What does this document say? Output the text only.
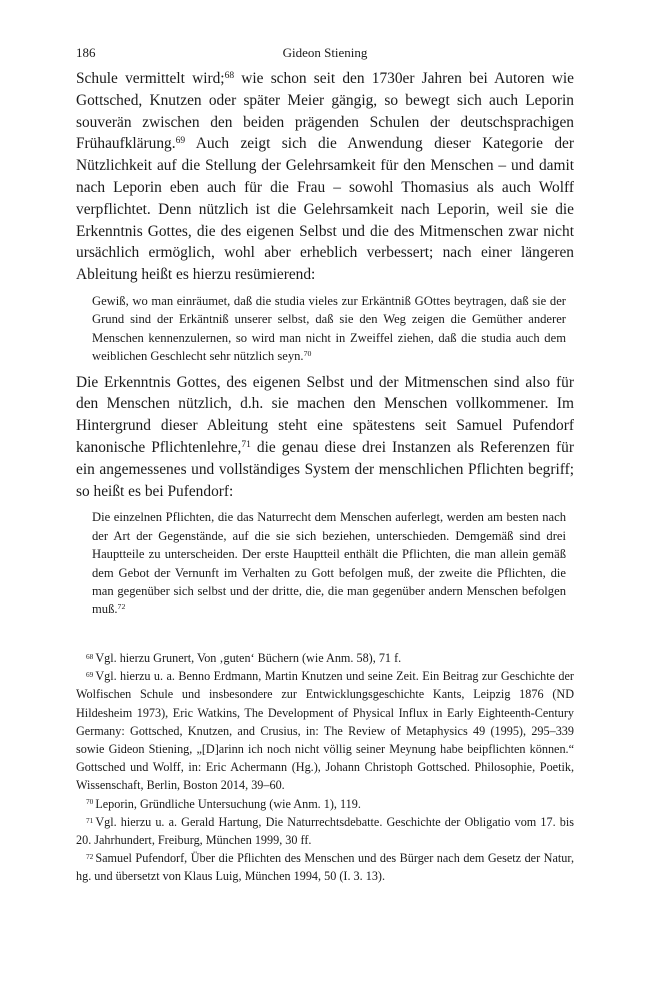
186	Gideon Stiening

Schule vermittelt wird;$^{68}$ wie schon seit den 1730er Jahren bei Autoren wie Gottsched, Knutzen oder später Meier gängig, so bewegt sich auch Leporin souverän zwischen den beiden prägenden Schulen der deutschsprachigen Frühaufklärung.$^{69}$ Auch zeigt sich die Anwendung dieser Kategorie der Nützlichkeit auf die Stellung der Gelehrsamkeit für den Menschen – und damit nach Leporin eben auch für die Frau – sowohl Thomasius als auch Wolff verpflichtet. Denn nützlich ist die Gelehrsamkeit nach Leporin, weil sie die Erkenntnis Gottes, die des eigenen Selbst und die des Mitmenschen zwar nicht ursächlich ermöglich, wohl aber erheblich verbessert; nach einer längeren Ableitung heißt es hierzu resümierend:

Gewiß, wo man einräumet, daß die studia vieles zur Erkäntniß GOttes beytragen, daß sie der Grund sind der Erkäntniß unserer selbst, daß sie den Weg zeigen die Gemüther anderer Menschen kennenzulernen, so wird man nicht in Zweiffel ziehen, daß die studia auch dem weiblichen Geschlecht sehr nützlich seyn.$^{70}$

Die Erkenntnis Gottes, des eigenen Selbst und der Mitmenschen sind also für den Menschen nützlich, d.h. sie machen den Menschen vollkommener. Im Hintergrund dieser Ableitung steht eine spätestens seit Samuel Pufendorf kanonische Pflichtenlehre,$^{71}$ die genau diese drei Instanzen als Referenzen für ein angemessenes und vollständiges System der menschlichen Pflichten begriff; so heißt es bei Pufendorf:

Die einzelnen Pflichten, die das Naturrecht dem Menschen auferlegt, werden am besten nach der Art der Gegenstände, auf die sie sich beziehen, unterschieden. Demgemäß sind drei Hauptteile zu unterscheiden. Der erste Hauptteil enthält die Pflichten, die man allein gemäß dem Gebot der Vernunft im Verhalten zu Gott befolgen muß, der zweite die Pflichten, die man gegenüber sich selbst und der dritte, die, die man gegenüber andern Menschen befolgen muß.$^{72}$

$^{68}$ Vgl. hierzu Grunert, Von ‚guten‘ Büchern (wie Anm. 58), 71 f.

$^{69}$ Vgl. hierzu u. a. Benno Erdmann, Martin Knutzen und seine Zeit. Ein Beitrag zur Geschichte der Wolfischen Schule und insbesondere zur Entwicklungsgeschichte Kants, Leipzig 1876 (ND Hildesheim 1973), Eric Watkins, The Development of Physical Influx in Early Eighteenth-Century Germany: Gottsched, Knutzen, and Crusius, in: The Review of Metaphysics 49 (1995), 295–339 sowie Gideon Stiening, „[D]arinn ich noch nicht völlig seiner Meynung habe beipflichten können.“ Gottsched und Wolff, in: Eric Achermann (Hg.), Johann Christoph Gottsched. Philosophie, Poetik, Wissenschaft, Berlin, Boston 2014, 39–60.

$^{70}$ Leporin, Gründliche Untersuchung (wie Anm. 1), 119.

$^{71}$ Vgl. hierzu u. a. Gerald Hartung, Die Naturrechtsdebatte. Geschichte der Obligatio vom 17. bis 20. Jahrhundert, Freiburg, München 1999, 30 ff.

$^{72}$ Samuel Pufendorf, Über die Pflichten des Menschen und des Bürger nach dem Gesetz der Natur, hg. und übersetzt von Klaus Luig, München 1994, 50 (I. 3. 13).
